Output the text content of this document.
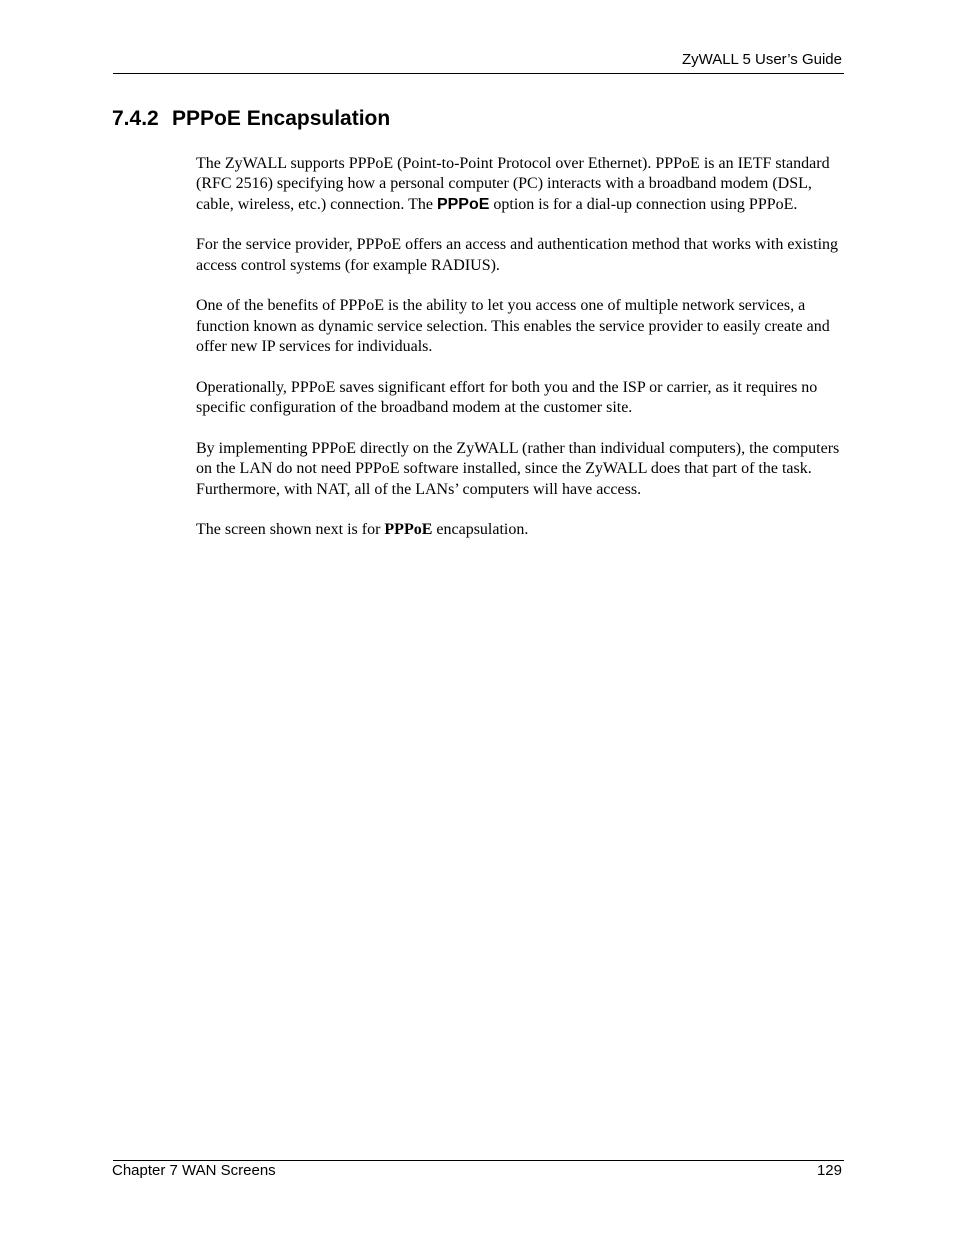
ZyWALL 5 User’s Guide
7.4.2 PPPoE Encapsulation

The ZyWALL supports PPPoE (Point-to-Point Protocol over Ethernet). PPPoE is an IETF standard (RFC 2516) specifying how a personal computer (PC) interacts with a broadband modem (DSL, cable, wireless, etc.) connection. The PPPoE option is for a dial-up connection using PPPoE.

For the service provider, PPPoE offers an access and authentication method that works with existing access control systems (for example RADIUS).

One of the benefits of PPPoE is the ability to let you access one of multiple network services, a function known as dynamic service selection. This enables the service provider to easily create and offer new IP services for individuals.

Operationally, PPPoE saves significant effort for both you and the ISP or carrier, as it requires no specific configuration of the broadband modem at the customer site.

By implementing PPPoE directly on the ZyWALL (rather than individual computers), the computers on the LAN do not need PPPoE software installed, since the ZyWALL does that part of the task. Furthermore, with NAT, all of the LANs’ computers will have access.

The screen shown next is for PPPoE encapsulation.

Chapter 7 WAN Screens	129
